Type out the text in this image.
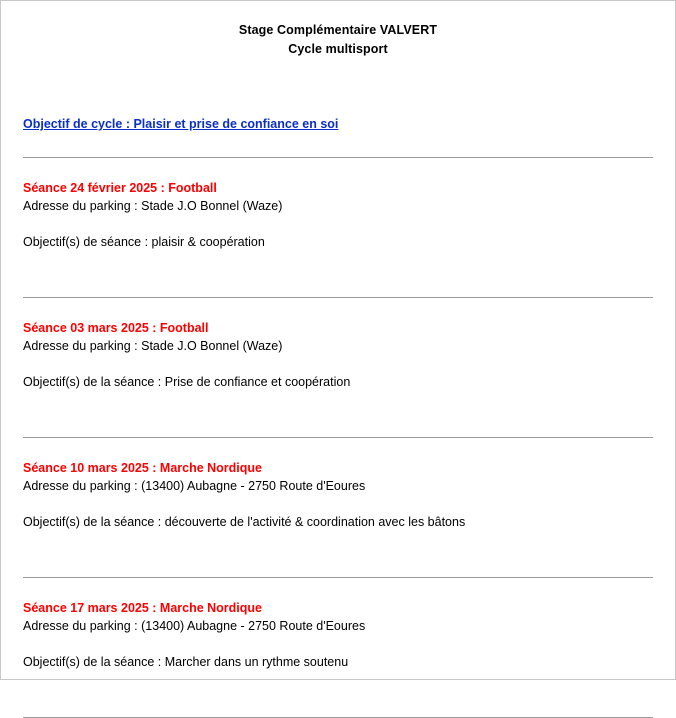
Stage Complémentaire VALVERT
Cycle multisport
Objectif de cycle : Plaisir et prise de confiance en soi
Séance 24 février 2025 : Football
Adresse du parking : Stade J.O Bonnel (Waze)
Objectif(s) de séance : plaisir & coopération
Séance 03 mars 2025 : Football
Adresse du parking : Stade J.O Bonnel (Waze)
Objectif(s) de la séance : Prise de confiance et coopération
Séance 10 mars 2025 : Marche Nordique
Adresse du parking : (13400) Aubagne - 2750 Route d'Eoures
Objectif(s) de la séance : découverte de l'activité & coordination avec les bâtons
Séance 17 mars 2025 : Marche Nordique
Adresse du parking : (13400) Aubagne - 2750 Route d'Eoures
Objectif(s) de la séance : Marcher dans un rythme soutenu
